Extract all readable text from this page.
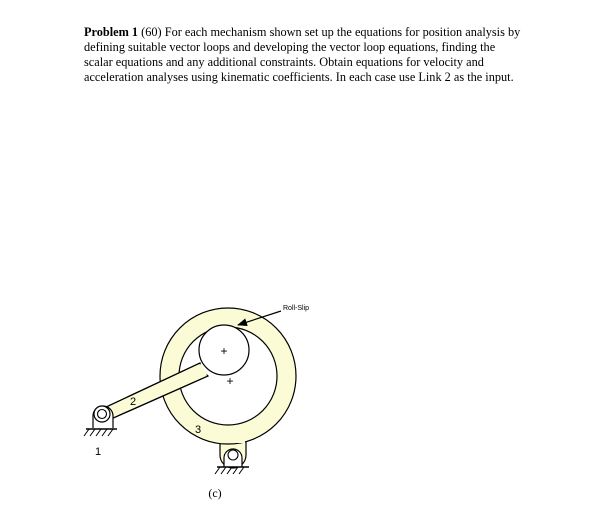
Problem 1 (60) For each mechanism shown set up the equations for position analysis by
defining suitable vector loops and developing the vector loop equations, finding the
scalar equations and any additional constraints. Obtain equations for velocity and
acceleration analyses using kinematic coefficients. In each case use Link 2 as the input.

+
+
Roll-Slip
1
2
3
(c)
